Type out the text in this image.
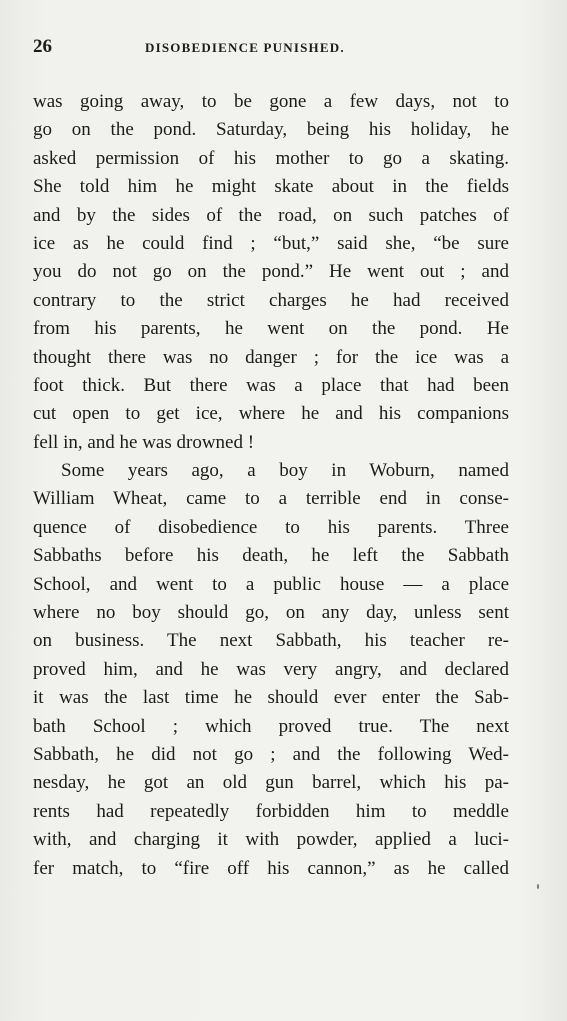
26	DISOBEDIENCE PUNISHED.
was going away, to be gone a few days, not to
go on the pond. Saturday, being his holiday, he
asked permission of his mother to go a skating.
She told him he might skate about in the fields
and by the sides of the road, on such patches of
ice as he could find ; “but,” said she, “be sure
you do not go on the pond.” He went out ; and
contrary to the strict charges he had received
from his parents, he went on the pond. He
thought there was no danger ; for the ice was a
foot thick. But there was a place that had been
cut open to get ice, where he and his companions
fell in, and he was drowned !
Some years ago, a boy in Woburn, named
William Wheat, came to a terrible end in conse-
quence of disobedience to his parents. Three
Sabbaths before his death, he left the Sabbath
School, and went to a public house — a place
where no boy should go, on any day, unless sent
on business. The next Sabbath, his teacher re-
proved him, and he was very angry, and declared
it was the last time he should ever enter the Sab-
bath School ; which proved true. The next
Sabbath, he did not go ; and the following Wed-
nesday, he got an old gun barrel, which his pa-
rents had repeatedly forbidden him to meddle
with, and charging it with powder, applied a luci-
fer match, to “fire off his cannon,” as he called
